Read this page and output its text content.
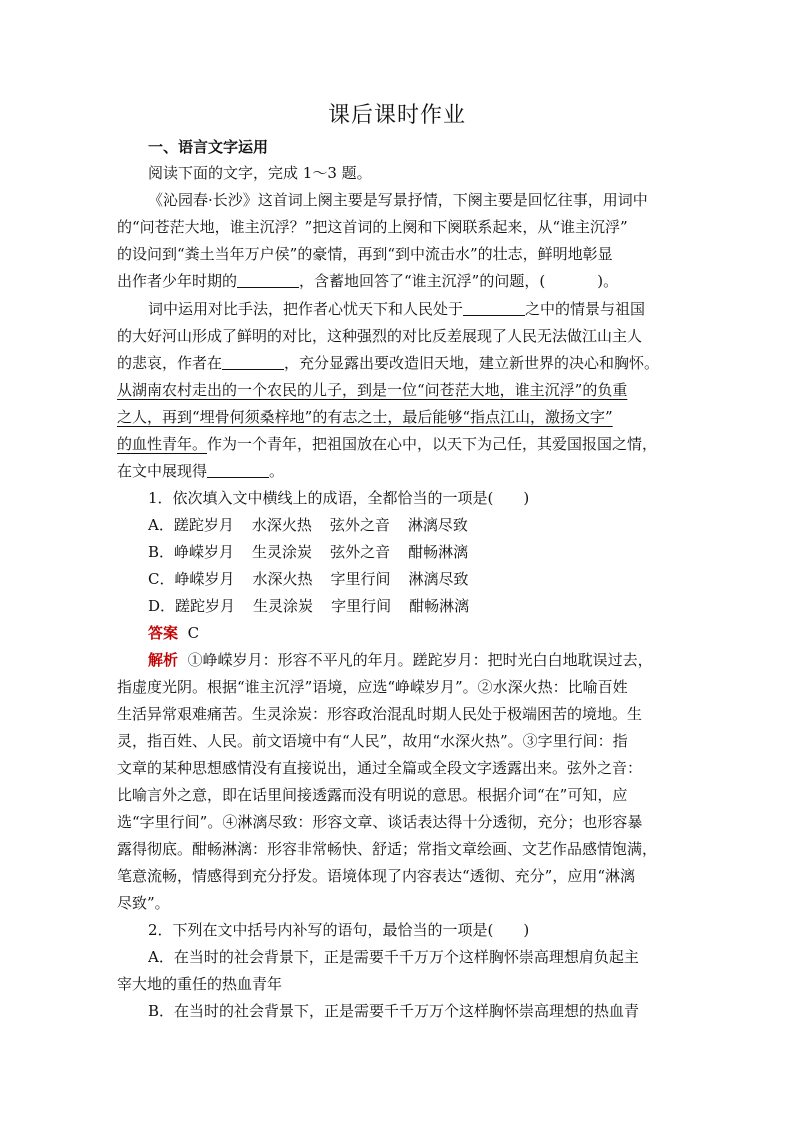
课后课时作业
一、语言文字运用
阅读下面的文字，完成 1～3 题。
《沁园春·长沙》这首词上阕主要是写景抒情，下阕主要是回忆往事，用词中
的“问苍茫大地，谁主沉浮？”把这首词的上阕和下阕联系起来，从“谁主沉浮”
的设问到“粪土当年万户侯”的豪情，再到“到中流击水”的壮志，鲜明地彰显
出作者少年时期的	，含蓄地回答了“谁主沉浮”的问题，(	)。
词中运用对比手法，把作者心忧天下和人民处于	之中的情景与祖国
的大好河山形成了鲜明的对比，这种强烈的对比反差展现了人民无法做江山主人
的悲哀，作者在	，充分显露出要改造旧天地，建立新世界的决心和胸怀。
从湖南农村走出的一个农民的儿子，到是一位“问苍茫大地，谁主沉浮”的负重
之人，再到“埋骨何须桑梓地”的有志之士，最后能够“指点江山，激扬文字”
的血性青年。作为一个青年，把祖国放在心中，以天下为己任，其爱国报国之情，
在文中展现得	。
1．依次填入文中横线上的成语，全都恰当的一项是(　　)
A．蹉跎岁月 水深火热 弦外之音 淋漓尽致
B．峥嵘岁月 生灵涂炭 弦外之音 酣畅淋漓
C．峥嵘岁月 水深火热 字里行间 淋漓尽致
D．蹉跎岁月 生灵涂炭 字里行间 酣畅淋漓
答案 C
解析 ①峥嵘岁月：形容不平凡的年月。蹉跎岁月：把时光白白地耽误过去，
指虚度光阴。根据“谁主沉浮”语境，应选“峥嵘岁月”。②水深火热：比喻百姓
生活异常艰难痛苦。生灵涂炭：形容政治混乱时期人民处于极端困苦的境地。生
灵，指百姓、人民。前文语境中有“人民”，故用“水深火热”。③字里行间：指
文章的某种思想感情没有直接说出，通过全篇或全段文字透露出来。弦外之音：
比喻言外之意，即在话里间接透露而没有明说的意思。根据介词“在”可知，应
选“字里行间”。④淋漓尽致：形容文章、谈话表达得十分透彻，充分；也形容暴
露得彻底。酣畅淋漓：形容非常畅快、舒适；常指文章绘画、文艺作品感情饱满，
笔意流畅，情感得到充分抒发。语境体现了内容表达“透彻、充分”，应用“淋漓
尽致”。
2．下列在文中括号内补写的语句，最恰当的一项是(　　)
A．在当时的社会背景下，正是需要千千万万个这样胸怀崇高理想肩负起主
宰大地的重任的热血青年
B．在当时的社会背景下，正是需要千千万万个这样胸怀崇高理想的热血青
